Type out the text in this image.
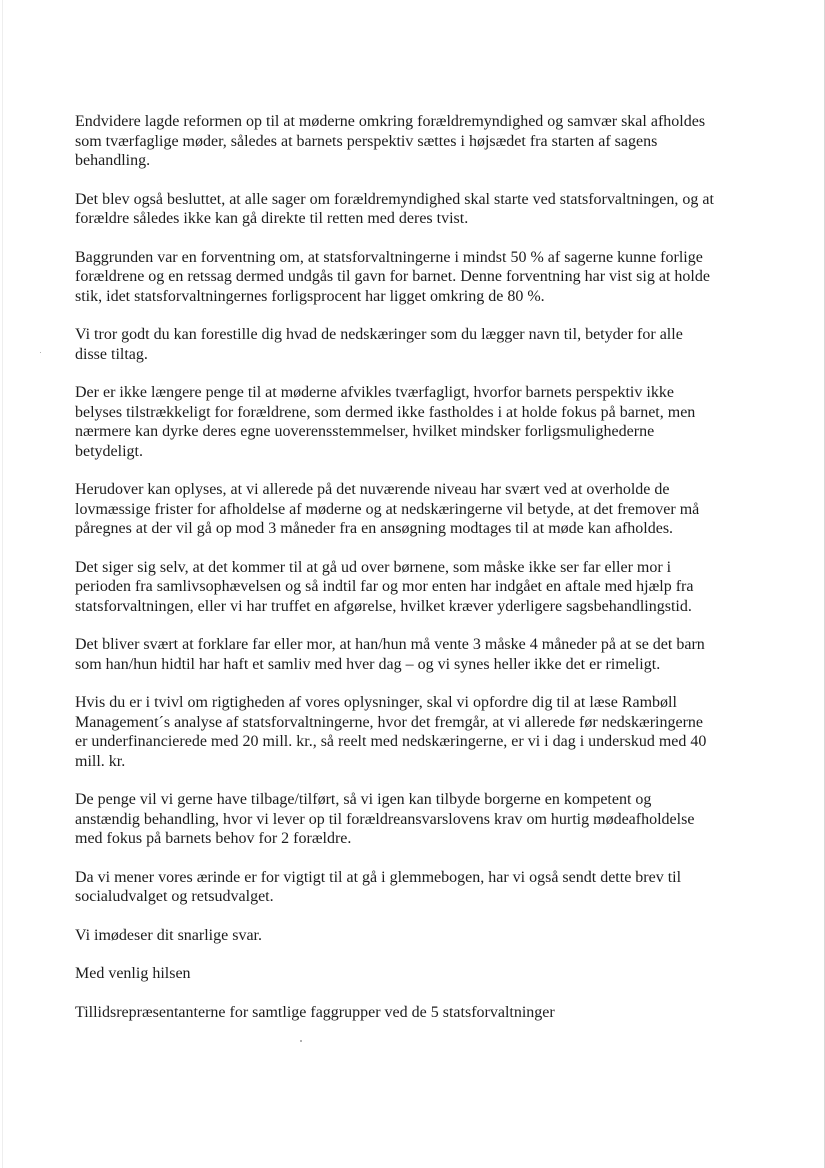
Endvidere lagde reformen op til at møderne omkring forældremyndighed og samvær skal afholdes
som tværfaglige møder, således at barnets perspektiv sættes i højsædet fra starten af sagens
behandling.

Det blev også besluttet, at alle sager om forældremyndighed skal starte ved statsforvaltningen, og at
forældre således ikke kan gå direkte til retten med deres tvist.

Baggrunden var en forventning om, at statsforvaltningerne i mindst 50 % af sagerne kunne forlige
forældrene og en retssag dermed undgås til gavn for barnet. Denne forventning har vist sig at holde
stik, idet statsforvaltningernes forligsprocent har ligget omkring de 80 %.

Vi tror godt du kan forestille dig hvad de nedskæringer som du lægger navn til, betyder for alle
disse tiltag.

Der er ikke længere penge til at møderne afvikles tværfagligt, hvorfor barnets perspektiv ikke
belyses tilstrækkeligt for forældrene, som dermed ikke fastholdes i at holde fokus på barnet, men
nærmere kan dyrke deres egne uoverensstemmelser, hvilket mindsker forligsmulighederne
betydeligt.

Herudover kan oplyses, at vi allerede på det nuværende niveau har svært ved at overholde de
lovmæssige frister for afholdelse af møderne og at nedskæringerne vil betyde, at det fremover må
påregnes at der vil gå op mod 3 måneder fra en ansøgning modtages til at møde kan afholdes.

Det siger sig selv, at det kommer til at gå ud over børnene, som måske ikke ser far eller mor i
perioden fra samlivsophævelsen og så indtil far og mor enten har indgået en aftale med hjælp fra
statsforvaltningen, eller vi har truffet en afgørelse, hvilket kræver yderligere sagsbehandlingstid.

Det bliver svært at forklare far eller mor, at han/hun må vente 3 måske 4 måneder på at se det barn
som han/hun hidtil har haft et samliv med hver dag – og vi synes heller ikke det er rimeligt.

Hvis du er i tvivl om rigtigheden af vores oplysninger, skal vi opfordre dig til at læse Rambøll
Management´s analyse af statsforvaltningerne, hvor det fremgår, at vi allerede før nedskæringerne
er underfinancierede med 20 mill. kr., så reelt med nedskæringerne, er vi i dag i underskud med 40
mill. kr.

De penge vil vi gerne have tilbage/tilført, så vi igen kan tilbyde borgerne en kompetent og
anstændig behandling, hvor vi lever op til forældreansvarslovens krav om hurtig mødeafholdelse
med fokus på barnets behov for 2 forældre.

Da vi mener vores ærinde er for vigtigt til at gå i glemmebogen, har vi også sendt dette brev til
socialudvalget og retsudvalget.

Vi imødeser dit snarlige svar.

Med venlig hilsen

Tillidsrepræsentanterne for samtlige faggrupper ved de 5 statsforvaltninger
